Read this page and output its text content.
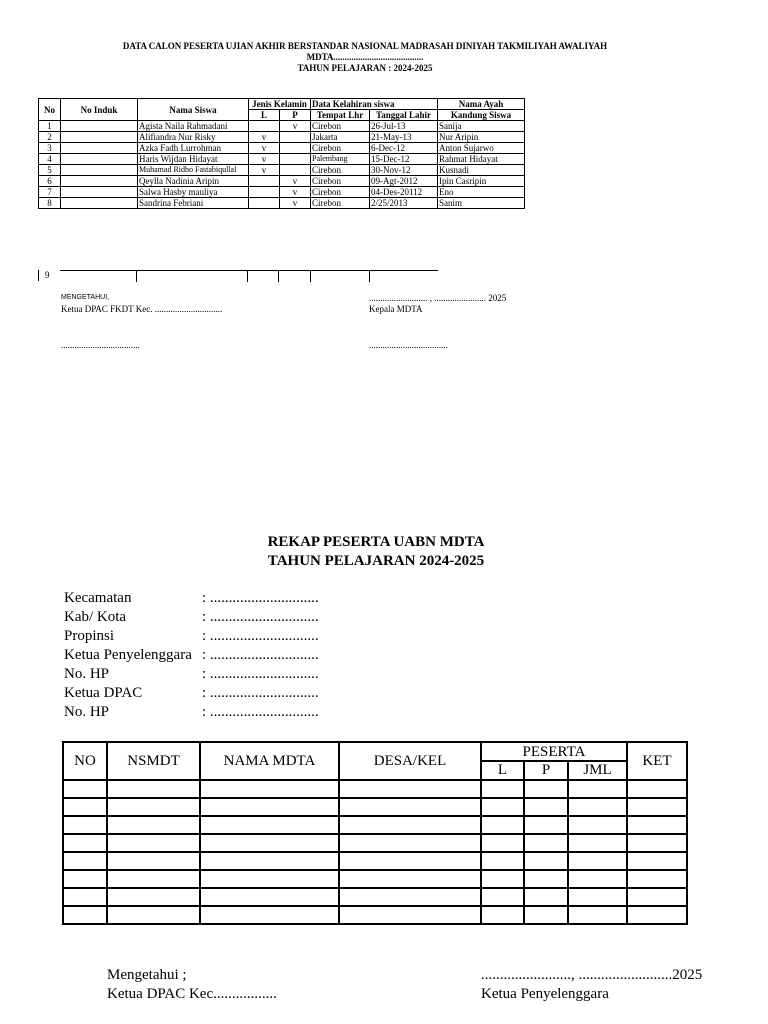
DATA CALON PESERTA UJIAN AKHIR BERSTANDAR NASIONAL MADRASAH DINIYAH TAKMILIYAH AWALIYAH
MDTA........................................
TAHUN PELAJARAN : 2024-2025
No	No Induk	Nama Siswa	Jenis Kelamin		Data Kelahiran siswa		Nama Ayah
			L	P	Tempat Lhr	Tanggal Lahir	Kandung Siswa
1		Agista Naila Rahmadani		v	Cirebon	26-Jul-13	Sanija
2		Alifiandra Nur Risky	v		Jakarta	21-May-13	Nur Aripin
3		Azka Fadh Lurrohman	v		Cirebon	6-Dec-12	Anton Sujarwo
4		Haris Wijdan Hidayat	v		Palembang	15-Dec-12	Rahmat Hidayat
5		Muhamad Ridho Fastabiqullal	v		Cirebon	30-Nov-12	Kusnadi
6		Qeylla Nadinia Aripin		v	Cirebon	09-Agt-2012	Ipin Casripin
7		Salwa Hasby mauliya		v	Cirebon	04-Des-20112	Eno
8		Sandrina Febriani		v	Cirebon	2/25/2013	Sanim
9
MENGETAHUI,
Ketua DPAC FKDT Kec. ..............................
.......................... , ....................... 2025
Kepala MDTA
...................................	...................................
REKAP PESERTA UABN MDTA
TAHUN PELAJARAN 2024-2025
Kecamatan	: .............................
Kab/ Kota	: .............................
Propinsi	: .............................
Ketua Penyelenggara : .............................
No. HP	: .............................
Ketua DPAC	: .............................
No. HP	: .............................
NO	NSMDT	NAMA MDTA	DESA/KEL	PESERTA			KET
				L	P	JML	

Mengetahui ;
Ketua DPAC Kec.................
........................, .........................2025
Ketua Penyelenggara
